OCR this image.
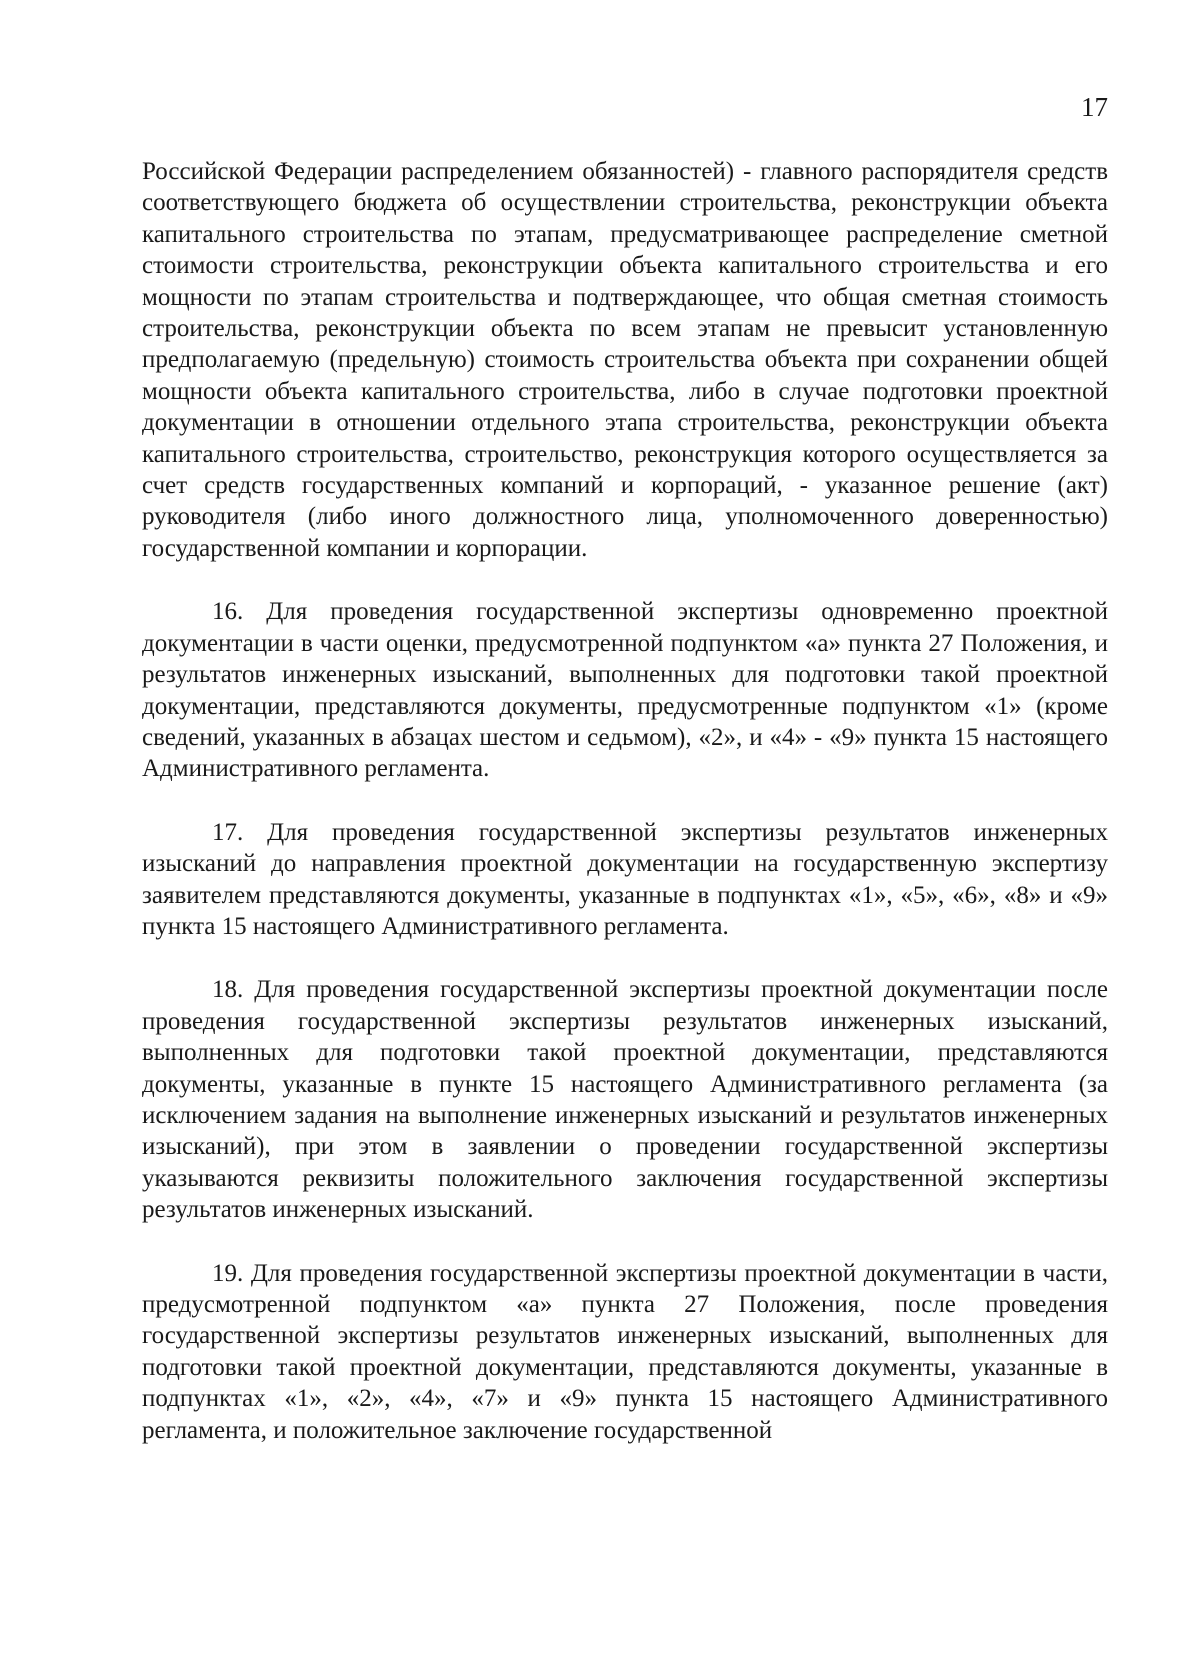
17

Российской Федерации распределением обязанностей) - главного распорядителя средств соответствующего бюджета об осуществлении строительства, реконструкции объекта капитального строительства по этапам, предусматривающее распределение сметной стоимости строительства, реконструкции объекта капитального строительства и его мощности по этапам строительства и подтверждающее, что общая сметная стоимость строительства, реконструкции объекта по всем этапам не превысит установленную предполагаемую (предельную) стоимость строительства объекта при сохранении общей мощности объекта капитального строительства, либо в случае подготовки проектной документации в отношении отдельного этапа строительства, реконструкции объекта капитального строительства, строительство, реконструкция которого осуществляется за счет средств государственных компаний и корпораций, - указанное решение (акт) руководителя (либо иного должностного лица, уполномоченного доверенностью) государственной компании и корпорации.

16. Для проведения государственной экспертизы одновременно проектной документации в части оценки, предусмотренной подпунктом «а» пункта 27 Положения, и результатов инженерных изысканий, выполненных для подготовки такой проектной документации, представляются документы, предусмотренные подпунктом «1» (кроме сведений, указанных в абзацах шестом и седьмом), «2», и «4» - «9» пункта 15 настоящего Административного регламента.

17. Для проведения государственной экспертизы результатов инженерных изысканий до направления проектной документации на государственную экспертизу заявителем представляются документы, указанные в подпунктах «1», «5», «6», «8» и «9» пункта 15 настоящего Административного регламента.

18. Для проведения государственной экспертизы проектной документации после проведения государственной экспертизы результатов инженерных изысканий, выполненных для подготовки такой проектной документации, представляются документы, указанные в пункте 15 настоящего Административного регламента (за исключением задания на выполнение инженерных изысканий и результатов инженерных изысканий), при этом в заявлении о проведении государственной экспертизы указываются реквизиты положительного заключения государственной экспертизы результатов инженерных изысканий.

19. Для проведения государственной экспертизы проектной документации в части, предусмотренной подпунктом «а» пункта 27 Положения, после проведения государственной экспертизы результатов инженерных изысканий, выполненных для подготовки такой проектной документации, представляются документы, указанные в подпунктах «1», «2», «4», «7» и «9» пункта 15 настоящего Административного регламента, и положительное заключение государственной
